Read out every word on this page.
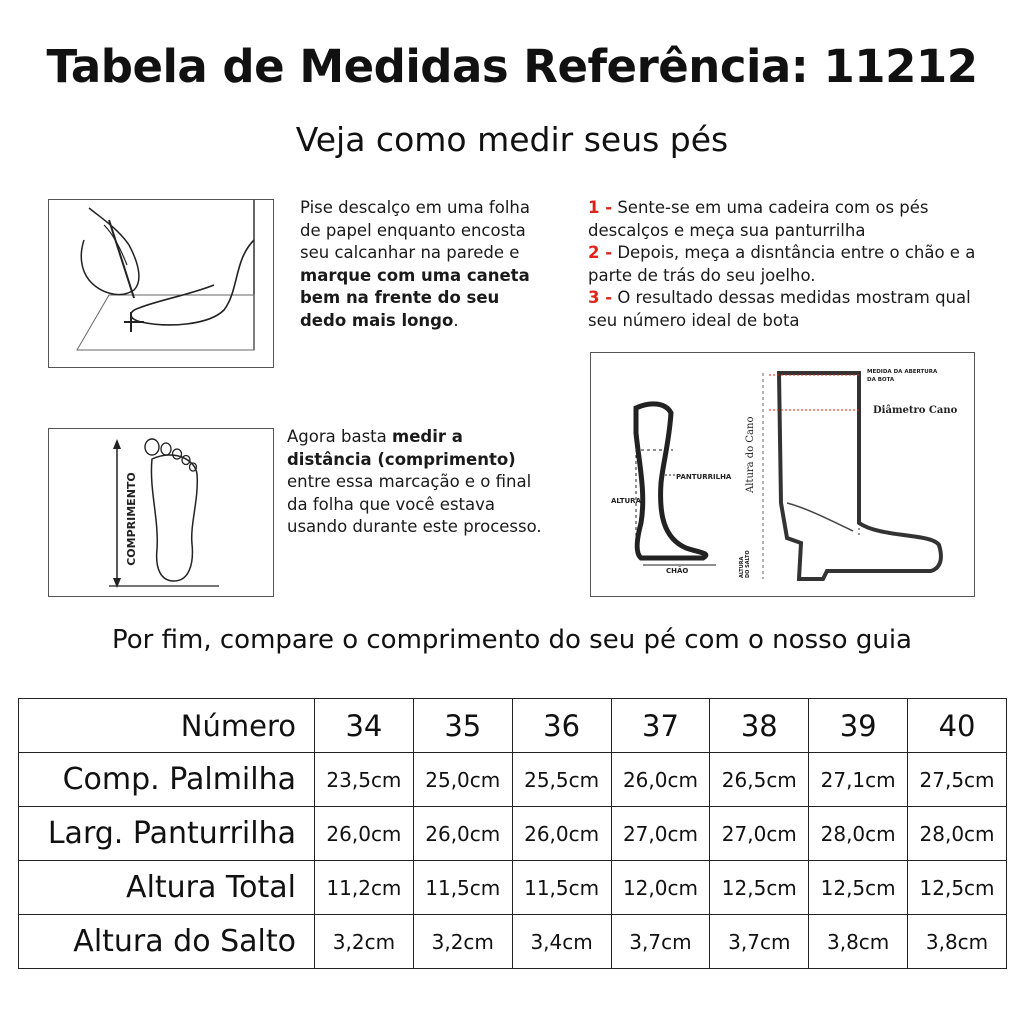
Tabela de Medidas Referência: 11212
Veja como medir seus pés
Pise descalço em uma folha de papel enquanto encosta seu calcanhar na parede e marque com uma caneta bem na frente do seu dedo mais longo.
COMPRIMENTO
Agora basta medir a distância (comprimento) entre essa marcação e o final da folha que você estava usando durante este processo.
1 - Sente-se em uma cadeira com os pés descalços e meça sua panturrilha
2 - Depois, meça a disntância entre o chão e a parte de trás do seu joelho.
3 - O resultado dessas medidas mostram qual seu número ideal de bota
ALTURA
PANTURRILHA
CHÃO
Altura do Cano
ALTURA DO SALTO
MEDIDA DA ABERTURA
DA BOTA
Diâmetro Cano
Por fim, compare o comprimento do seu pé com o nosso guia
Número	34	35	36	37	38	39	40
Comp. Palmilha	23,5cm	25,0cm	25,5cm	26,0cm	26,5cm	27,1cm	27,5cm
Larg. Panturrilha	26,0cm	26,0cm	26,0cm	27,0cm	27,0cm	28,0cm	28,0cm
Altura Total	11,2cm	11,5cm	11,5cm	12,0cm	12,5cm	12,5cm	12,5cm
Altura do Salto	3,2cm	3,2cm	3,4cm	3,7cm	3,7cm	3,8cm	3,8cm
